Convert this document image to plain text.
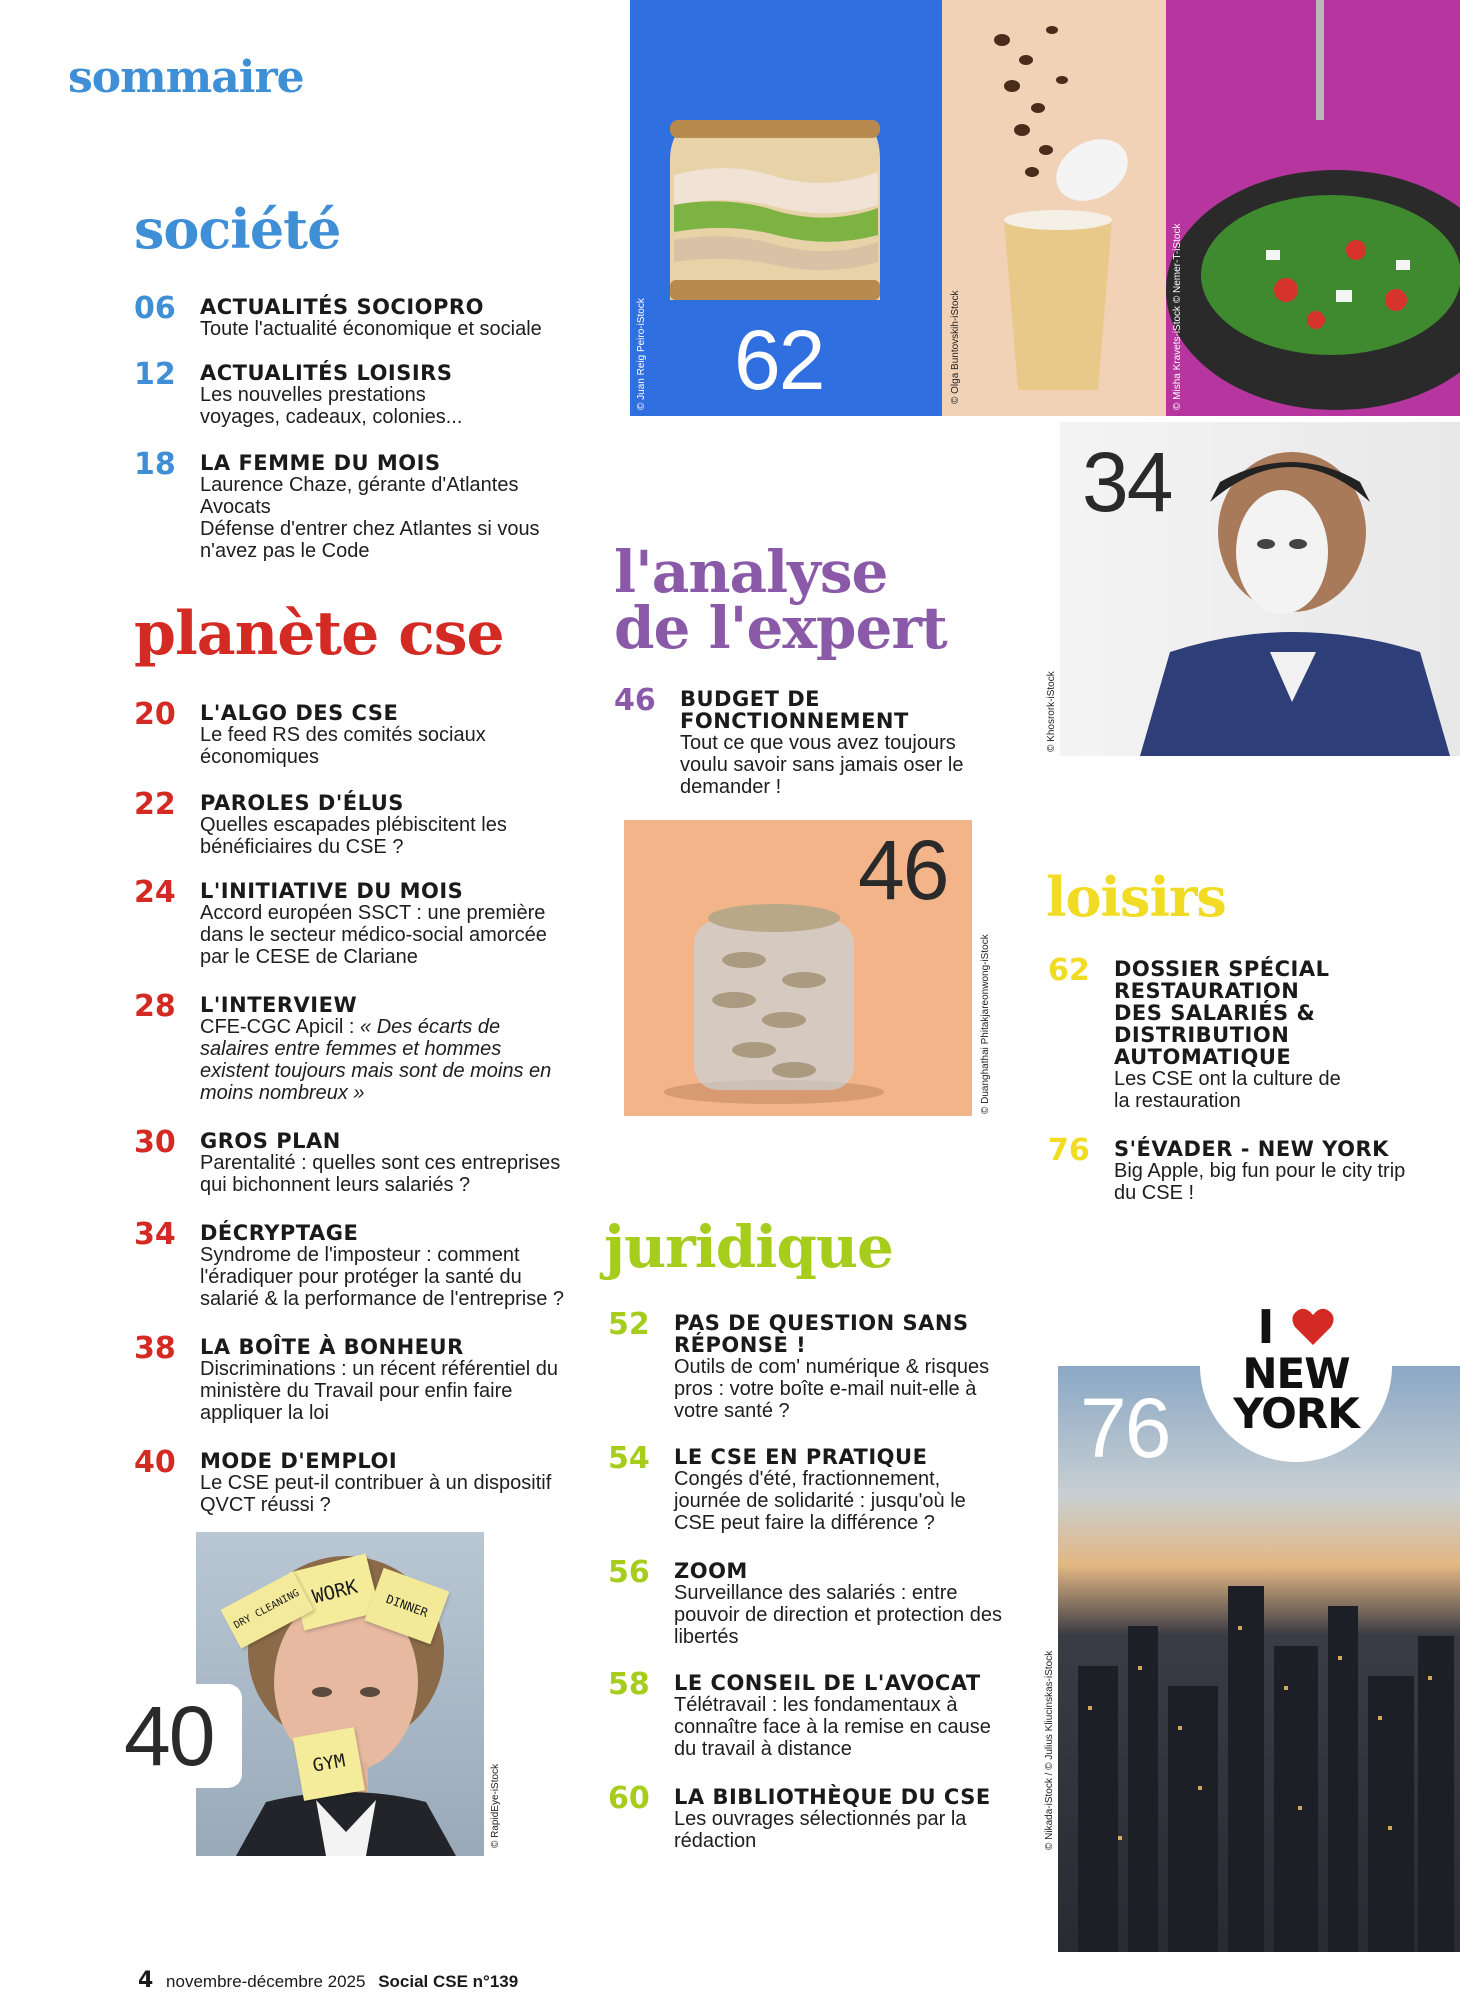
sommaire
société
06 ACTUALITÉS SOCIOPRO
Toute l'actualité économique et sociale
12 ACTUALITÉS LOISIRS
Les nouvelles prestations voyages, cadeaux, colonies...
18 LA FEMME DU MOIS
Laurence Chaze, gérante d'Atlantes Avocats
Défense d'entrer chez Atlantes si vous n'avez pas le Code
planète cse
20 L'ALGO DES CSE
Le feed RS des comités sociaux économiques
22 PAROLES D'ÉLUS
Quelles escapades plébiscitent les bénéficiaires du CSE ?
24 L'INITIATIVE DU MOIS
Accord européen SSCT : une première dans le secteur médico-social amorcée par le CESE de Clariane
28 L'INTERVIEW
CFE-CGC Apicil : « Des écarts de salaires entre femmes et hommes existent toujours mais sont de moins en moins nombreux »
30 GROS PLAN
Parentalité : quelles sont ces entreprises qui bichonnent leurs salariés ?
34 DÉCRYPTAGE
Syndrome de l'imposteur : comment l'éradiquer pour protéger la santé du salarié & la performance de l'entreprise ?
38 LA BOÎTE À BONHEUR
Discriminations : un récent référentiel du ministère du Travail pour enfin faire appliquer la loi
40 MODE D'EMPLOI
Le CSE peut-il contribuer à un dispositif QVCT réussi ?
WORK
DRY CLEANING	DINNER
GYM
40
© RapidEye-iStock
62
© Juan Reig Peiro-iStock	© Olga Buntovskih-iStock	© Misha Kravets-iStock © Nemer-T-iStock
34
© Khosrork-iStock
l'analyse
de l'expert
46 BUDGET DE FONCTIONNEMENT
Tout ce que vous avez toujours voulu savoir sans jamais oser le demander !
46
© Duanghathai Phitakjareonwong-iStock
loisirs
62 DOSSIER SPÉCIAL RESTAURATION DES SALARIÉS & DISTRIBUTION AUTOMATIQUE
Les CSE ont la culture de la restauration
76 S'ÉVADER - NEW YORK
Big Apple, big fun pour le city trip du CSE !
juridique
52 PAS DE QUESTION SANS RÉPONSE !
Outils de com' numérique & risques pros : votre boîte e-mail nuit-elle à votre santé ?
54 LE CSE EN PRATIQUE
Congés d'été, fractionnement, journée de solidarité : jusqu'où le CSE peut faire la différence ?
56 ZOOM
Surveillance des salariés : entre pouvoir de direction et protection des libertés
58 LE CONSEIL DE L'AVOCAT
Télétravail : les fondamentaux à connaître face à la remise en cause du travail à distance
60 LA BIBLIOTHÈQUE DU CSE
Les ouvrages sélectionnés par la rédaction
76
I
NEW
YORK
© Nikada-iStock / © Julius Kliucinskas-iStock
4 novembre-décembre 2025 Social CSE n°139
